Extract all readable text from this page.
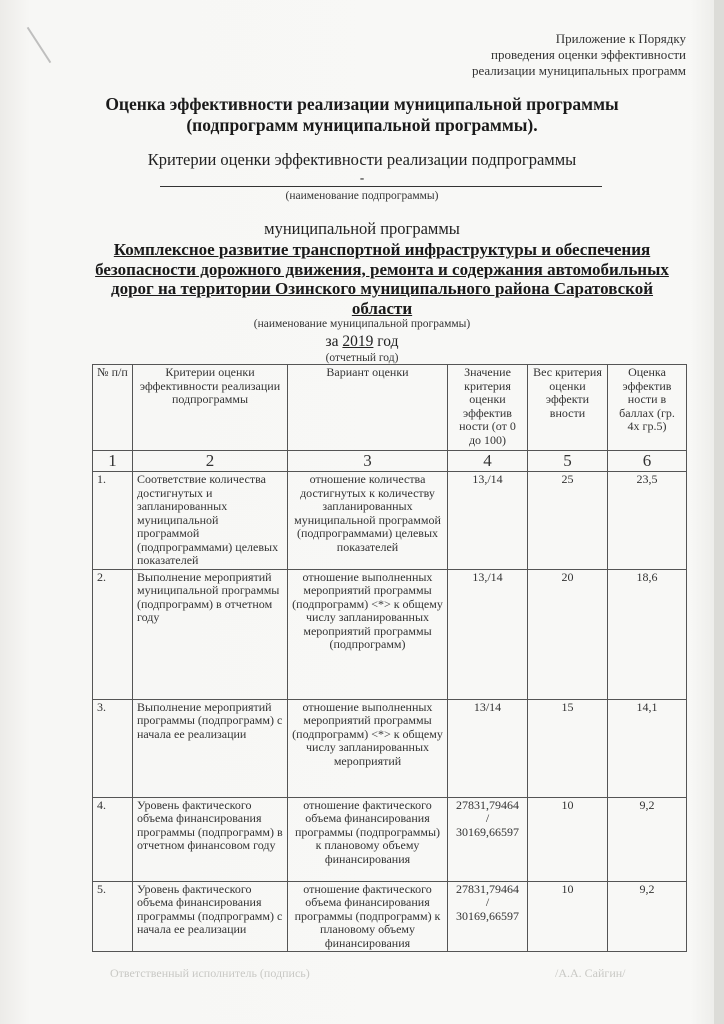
Приложение к Порядку
проведения оценки эффективности
реализации муниципальных программ
Оценка эффективности реализации муниципальной программы
(подпрограмм муниципальной программы).
Критерии оценки эффективности реализации подпрограммы
-
(наименование подпрограммы)
муниципальной программы
Комплексное развитие транспортной инфраструктуры и обеспечения безопасности дорожного движения, ремонта и содержания автомобильных дорог на территории Озинского муниципального района Саратовской области
(наименование муниципальной программы)
за 2019 год
(отчетный год)
№ п/п	Критерии оценки эффективности реализации подпрограммы	Вариант оценки	Значение критерия оценки эффектив ности (от 0 до 100)	Вес критерия оценки эффекти вности	Оценка эффектив ности в баллах (гр. 4х гр.5)
1	2	3	4	5	6
1.	Соответствие количества достигнутых и запланированных муниципальной программой (подпрограммами) целевых показателей	отношение количества достигнутых к количеству запланированных муниципальной программой (подпрограммами) целевых показателей	13,/14	25	23,5
2.	Выполнение мероприятий муниципальной программы (подпрограмм) в отчетном году	отношение выполненных мероприятий программы (подпрограмм) <*> к общему числу запланированных мероприятий программы (подпрограмм)	13,/14	20	18,6
3.	Выполнение мероприятий программы (подпрограмм) с начала ее реализации	отношение выполненных мероприятий программы (подпрограмм) <*> к общему числу запланированных мероприятий	13/14	15	14,1
4.	Уровень фактического объема финансирования программы (подпрограмм) в отчетном финансовом году	отношение фактического объема финансирования программы (подпрограммы) к плановому объему финансирования	27831,79464
/
30169,66597	10	9,2
5.	Уровень фактического объема финансирования программы (подпрограмм) с начала ее реализации	отношение фактического объема финансирования программы (подпрограмм) к плановому объему финансирования	27831,79464
/
30169,66597	10	9,2
Ответственный исполнитель (подпись)	/А.А. Сайгин/
